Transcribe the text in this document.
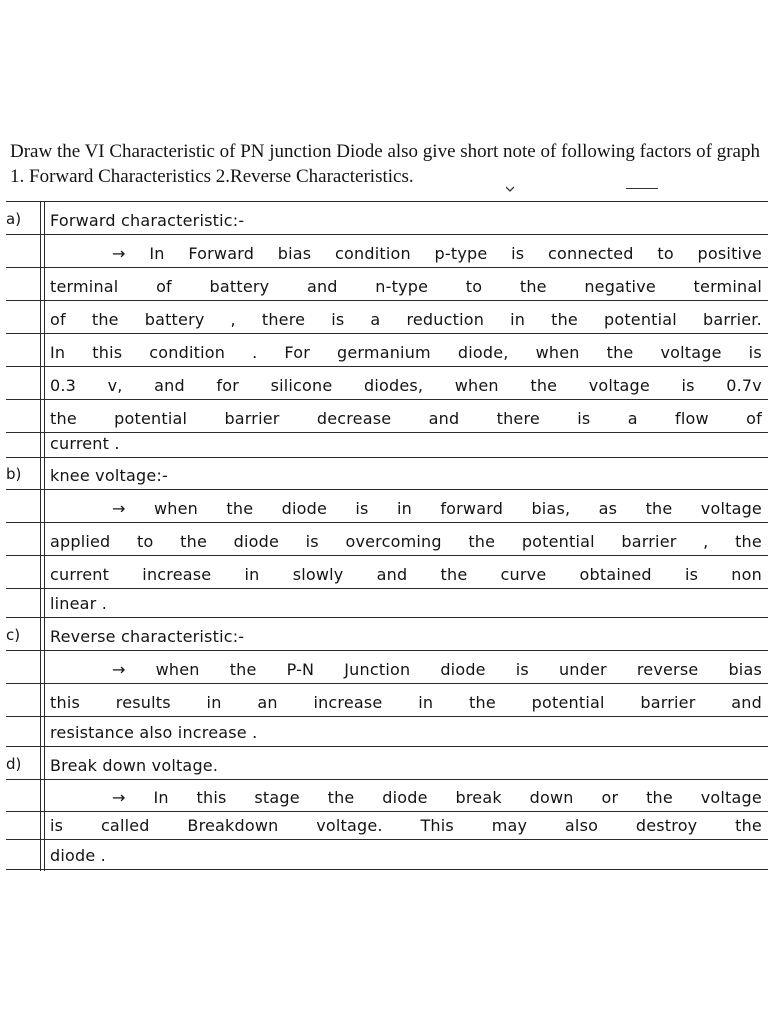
Draw the VI Characteristic of PN junction Diode also give short note of following factors of graph 1. Forward Characteristics 2.Reverse Characteristics.
a) Forward characteristic:-
→ In Forward bias condition p-type is connected to positive
terminal of battery and n-type to the negative terminal
of the battery , there is a reduction in the potential barrier.
In this condition . For germanium diode, when the voltage is
0.3 v, and for silicone diodes, when the voltage is 0.7v
the potential barrier decrease and there is a flow of
current .
b) knee voltage:-
→ when the diode is in forward bias, as the voltage
applied to the diode is overcoming the potential barrier , the
current increase in slowly and the curve obtained is non
linear .
c) Reverse characteristic:-
→ when the P-N Junction diode is under reverse bias
this results in an increase in the potential barrier and
resistance also increase .
d) Break down voltage.
→ In this stage the diode break down or the voltage
is called Breakdown voltage. This may also destroy the
diode .
